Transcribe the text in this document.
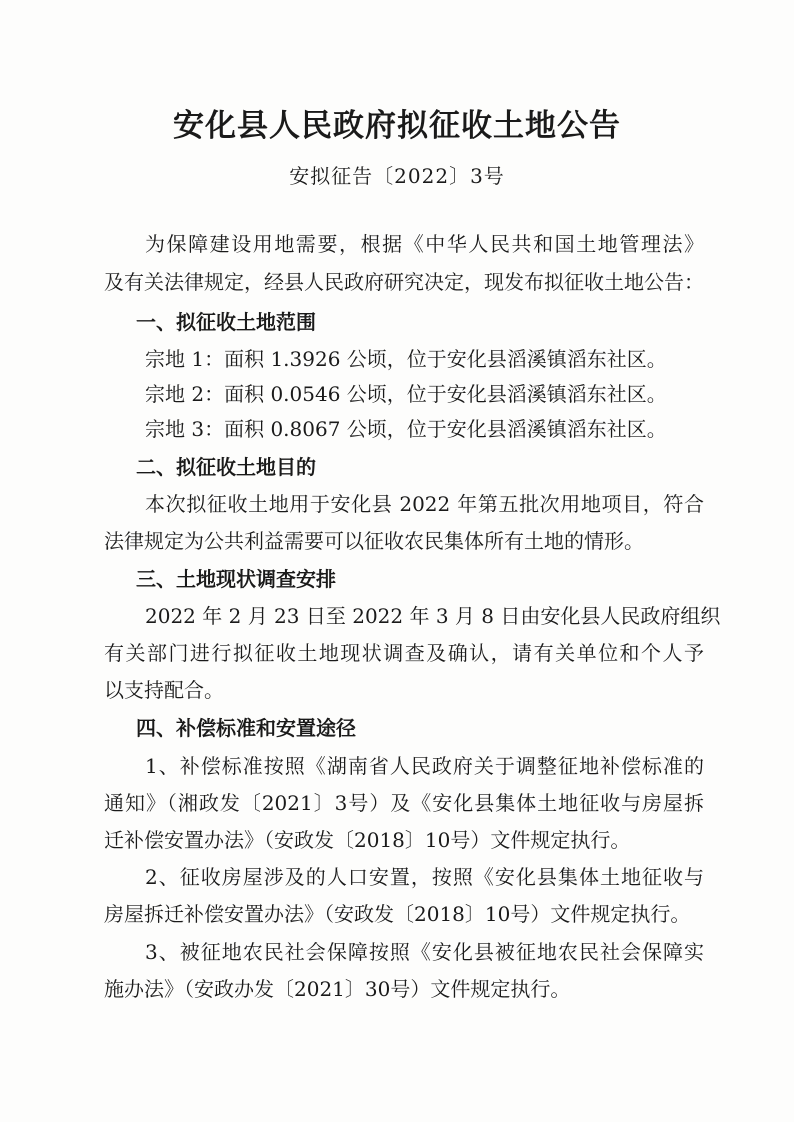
安化县人民政府拟征收土地公告
安拟征告〔2022〕3号
为保障建设用地需要，根据《中华人民共和国土地管理法》
及有关法律规定，经县人民政府研究决定，现发布拟征收土地公告：
一、拟征收土地范围
宗地 1：面积 1.3926 公顷，位于安化县滔溪镇滔东社区。
宗地 2：面积 0.0546 公顷，位于安化县滔溪镇滔东社区。
宗地 3：面积 0.8067 公顷，位于安化县滔溪镇滔东社区。
二、拟征收土地目的
本次拟征收土地用于安化县 2022 年第五批次用地项目，符合
法律规定为公共利益需要可以征收农民集体所有土地的情形。
三、土地现状调查安排
2022 年 2 月 23 日至 2022 年 3 月 8 日由安化县人民政府组织
有关部门进行拟征收土地现状调查及确认，请有关单位和个人予
以支持配合。
四、补偿标准和安置途径
1、补偿标准按照《湖南省人民政府关于调整征地补偿标准的
通知》（湘政发〔2021〕3号）及《安化县集体土地征收与房屋拆
迁补偿安置办法》（安政发〔2018〕10号）文件规定执行。
2、征收房屋涉及的人口安置，按照《安化县集体土地征收与
房屋拆迁补偿安置办法》（安政发〔2018〕10号）文件规定执行。
3、被征地农民社会保障按照《安化县被征地农民社会保障实
施办法》（安政办发〔2021〕30号）文件规定执行。
